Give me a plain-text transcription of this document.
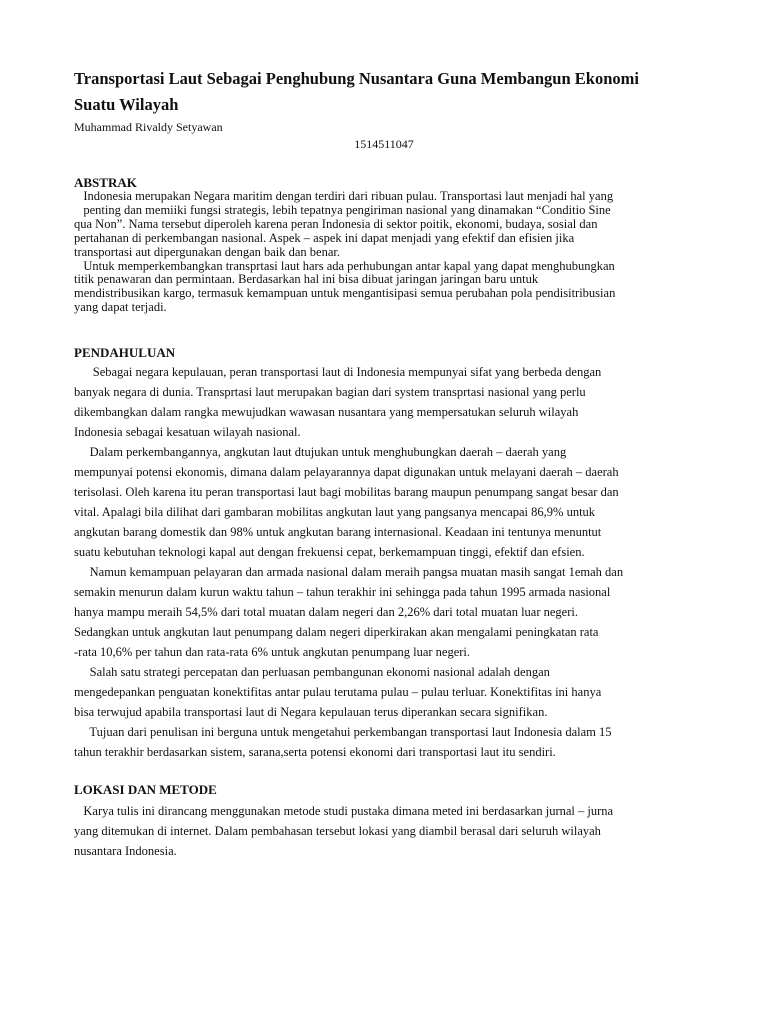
Transportasi Laut Sebagai Penghubung Nusantara Guna Membangun Ekonomi
Suatu Wilayah
Muhammad Rivaldy Setyawan
1514511047
ABSTRAK
Indonesia merupakan Negara maritim dengan terdiri dari ribuan pulau. Transportasi laut menjadi hal yang
penting dan memiiki fungsi strategis, lebih tepatnya pengiriman nasional yang dinamakan “Conditio Sine
qua Non”. Nama tersebut diperoleh karena peran Indonesia di sektor poitik, ekonomi, budaya, sosial dan
pertahanan di perkembangan nasional. Aspek – aspek ini dapat menjadi yang efektif dan efisien jika
transportasi aut dipergunakan dengan baik dan benar.
Untuk memperkembangkan transprtasi laut hars ada perhubungan antar kapal yang dapat menghubungkan
titik penawaran dan permintaan. Berdasarkan hal ini bisa dibuat jaringan jaringan baru untuk
mendistribusikan kargo, termasuk kemampuan untuk mengantisipasi semua perubahan pola pendisitribusian
yang dapat terjadi.
PENDAHULUAN
Sebagai negara kepulauan, peran transportasi laut di Indonesia mempunyai sifat yang berbeda dengan
banyak negara di dunia. Transprtasi laut merupakan bagian dari system transprtasi nasional yang perlu
dikembangkan dalam rangka mewujudkan wawasan nusantara yang mempersatukan seluruh wilayah
Indonesia sebagai kesatuan wilayah nasional.
Dalam perkembangannya, angkutan laut dtujukan untuk menghubungkan daerah – daerah yang
mempunyai potensi ekonomis, dimana dalam pelayarannya dapat digunakan untuk melayani daerah – daerah
terisolasi. Oleh karena itu peran transportasi laut bagi mobilitas barang maupun penumpang sangat besar dan
vital. Apalagi bila dilihat dari gambaran mobilitas angkutan laut yang pangsanya mencapai 86,9% untuk
angkutan barang domestik dan 98% untuk angkutan barang internasional. Keadaan ini tentunya menuntut
suatu kebutuhan teknologi kapal aut dengan frekuensi cepat, berkemampuan tinggi, efektif dan efsien.
Namun kemampuan pelayaran dan armada nasional dalam meraih pangsa muatan masih sangat 1emah dan
semakin menurun dalam kurun waktu tahun – tahun terakhir ini sehingga pada tahun 1995 armada nasional
hanya mampu meraih 54,5% dari total muatan dalam negeri dan 2,26% dari total muatan luar negeri.
Sedangkan untuk angkutan laut penumpang dalam negeri diperkirakan akan mengalami peningkatan rata
-rata 10,6% per tahun dan rata-rata 6% untuk angkutan penumpang luar negeri.
Salah satu strategi percepatan dan perluasan pembangunan ekonomi nasional adalah dengan
mengedepankan penguatan konektifitas antar pulau terutama pulau – pulau terluar. Konektifitas ini hanya
bisa terwujud apabila transportasi laut di Negara kepulauan terus diperankan secara signifikan.
Tujuan dari penulisan ini berguna untuk mengetahui perkembangan transportasi laut Indonesia dalam 15
tahun terakhir berdasarkan sistem, sarana,serta potensi ekonomi dari transportasi laut itu sendiri.
LOKASI DAN METODE
Karya tulis ini dirancang menggunakan metode studi pustaka dimana meted ini berdasarkan jurnal – jurna
yang ditemukan di internet. Dalam pembahasan tersebut lokasi yang diambil berasal dari seluruh wilayah
nusantara Indonesia.
